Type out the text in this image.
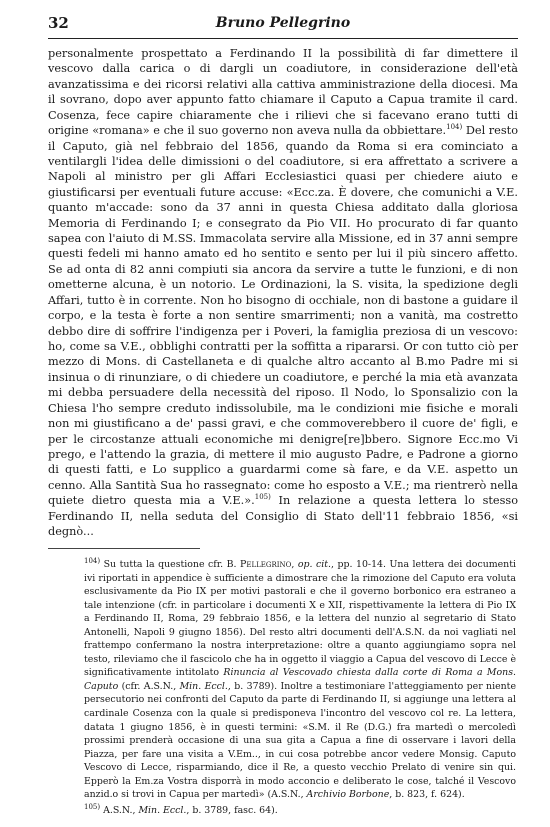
32	Bruno Pellegrino

personalmente prospettato a Ferdinando II la possibilità di far dimettere il vescovo dalla carica o di dargli un coadiutore, in considerazione dell'età avanzatissima e dei ricorsi relativi alla cattiva amministrazione della diocesi. Ma il sovrano, dopo aver appunto fatto chiamare il Caputo a Capua tramite il card. Cosenza, fece capire chiaramente che i rilievi che si facevano erano tutti di origine «romana» e che il suo governo non aveva nulla da obbiettare.$^{104)}$ Del resto il Caputo, già nel febbraio del 1856, quando da Roma si era cominciato a ventilargli l'idea delle dimissioni o del coadiutore, si era affrettato a scrivere a Napoli al ministro per gli Affari Ecclesiastici quasi per chiedere aiuto e giustificarsi per eventuali future accuse: «Ecc.za. È dovere, che comunichi a V.E. quanto m'accade: sono da 37 anni in questa Chiesa additato dalla gloriosa Memoria di Ferdinando I; e consegrato da Pio VII. Ho procurato di far quanto sapea con l'aiuto di M.SS. Immacolata servire alla Missione, ed in 37 anni sempre questi fedeli mi hanno amato ed ho sentito e sento per lui il più sincero affetto. Se ad onta di 82 anni compiuti sia ancora da servire a tutte le funzioni, e di non ometterne alcuna, è un notorio. Le Ordinazioni, la S. visita, la spedizione degli Affari, tutto è in corrente. Non ho bisogno di occhiale, non di bastone a guidare il corpo, e la testa è forte a non sentire smarrimenti; non a vanità, ma costretto debbo dire di soffrire l'indigenza per i Poveri, la famiglia preziosa di un vescovo: ho, come sa V.E., obblighi contratti per la soffitta a ripararsi. Or con tutto ciò per mezzo di Mons. di Castellaneta e di qualche altro accanto al B.mo Padre mi si insinua o di rinunziare, o di chiedere un coadiutore, e perché la mia età avanzata mi debba persuadere della necessità del riposo. Il Nodo, lo Sponsalizio con la Chiesa l'ho sempre creduto indissolubile, ma le condizioni mie fisiche e morali non mi giustificano a de' passi gravi, e che commoverebbero il cuore de' figli, e per le circostanze attuali economiche mi denigre[re]bbero. Signore Ecc.mo Vi prego, e l'attendo la grazia, di mettere il mio augusto Padre, e Padrone a giorno di questi fatti, e Lo supplico a guardarmi come sà fare, e da V.E. aspetto un cenno. Alla Santità Sua ho rassegnato: come ho esposto a V.E.; ma rientrerò nella quiete dietro questa mia a V.E.».$^{105)}$ In relazione a questa lettera lo stesso Ferdinando II, nella seduta del Consiglio di Stato dell'11 febbraio 1856, «si degnò...

$^{104)}$ Su tutta la questione cfr. B. Pellegrino, op. cit., pp. 10-14. Una lettera dei documenti ivi riportati in appendice è sufficiente a dimostrare che la rimozione del Caputo era voluta esclusivamente da Pio IX per motivi pastorali e che il governo borbonico era estraneo a tale intenzione (cfr. in particolare i documenti X e XII, rispettivamente la lettera di Pio IX a Ferdinando II, Roma, 29 febbraio 1856, e la lettera del nunzio al segretario di Stato Antonelli, Napoli 9 giugno 1856). Del resto altri documenti dell'A.S.N. da noi vagliati nel frattempo confermano la nostra interpretazione: oltre a quanto aggiungiamo sopra nel testo, rileviamo che il fascicolo che ha in oggetto il viaggio a Capua del vescovo di Lecce è significativamente intitolato Rinuncia al Vescovado chiesta dalla corte di Roma a Mons. Caputo (cfr. A.S.N., Min. Eccl., b. 3789). Inoltre a testimoniare l'atteggiamento per niente persecutorio nei confronti del Caputo da parte di Ferdinando II, si aggiunge una lettera al cardinale Cosenza con la quale si predisponeva l'incontro del vescovo col re. La lettera, datata 1 giugno 1856, è in questi termini: «S.M. il Re (D.G.) fra martedì o mercoledì prossimi prenderà occasione di una sua gita a Capua a fine di osservare i lavori della Piazza, per fare una visita a V.Em.., in cui cosa potrebbe ancor vedere Monsig. Caputo Vescovo di Lecce, risparmiando, dice il Re, a questo vecchio Prelato di venire sin qui. Epperò la Em.za Vostra disporrà in modo acconcio e deliberato le cose, talché il Vescovo anzid.o si trovi in Capua per martedì» (A.S.N., Archivio Borbone, b. 823, f. 624).

$^{105)}$ A.S.N., Min. Eccl., b. 3789, fasc. 64).
